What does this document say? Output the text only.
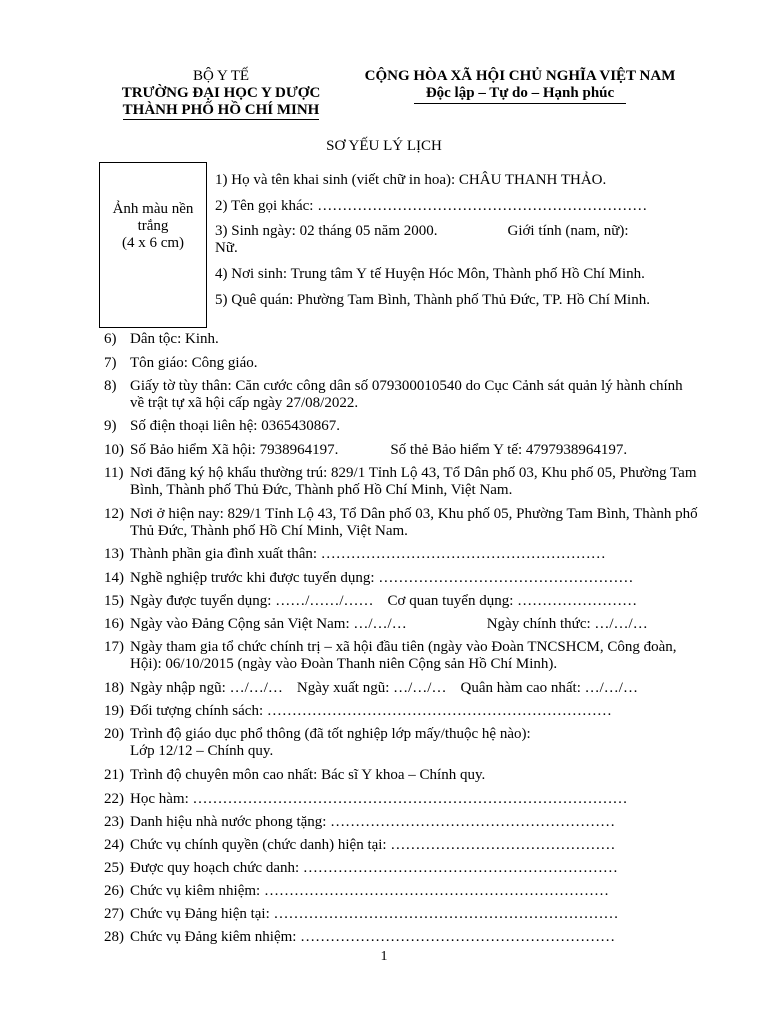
BỘ Y TẾ
TRƯỜNG ĐẠI HỌC Y DƯỢC
THÀNH PHỐ HỒ CHÍ MINH
CỘNG HÒA XÃ HỘI CHỦ NGHĨA VIỆT NAM
Độc lập – Tự do – Hạnh phúc
SƠ YẾU LÝ LỊCH
Ảnh màu nền trắng
(4 x 6 cm)
1) Họ và tên khai sinh (viết chữ in hoa): CHÂU THANH THẢO.
2) Tên gọi khác: …………………………………………………………
3) Sinh ngày: 02 tháng 05 năm 2000.	Giới tính (nam, nữ):
Nữ.
4) Nơi sinh: Trung tâm Y tế Huyện Hóc Môn, Thành phố Hồ Chí Minh.
5) Quê quán: Phường Tam Bình, Thành phố Thủ Đức, TP. Hồ Chí Minh.
6) Dân tộc: Kinh.
7) Tôn giáo: Công giáo.
8) Giấy tờ tùy thân: Căn cước công dân số 079300010540 do Cục Cảnh sát quản lý hành chính về trật tự xã hội cấp ngày 27/08/2022.
9) Số điện thoại liên hệ: 0365430867.
10) Số Bảo hiểm Xã hội: 7938964197.	Số thẻ Bảo hiểm Y tế: 4797938964197.
11) Nơi đăng ký hộ khẩu thường trú: 829/1 Tỉnh Lộ 43, Tổ Dân phố 03, Khu phố 05, Phường Tam Bình, Thành phố Thủ Đức, Thành phố Hồ Chí Minh, Việt Nam.
12) Nơi ở hiện nay: 829/1 Tỉnh Lộ 43, Tổ Dân phố 03, Khu phố 05, Phường Tam Bình, Thành phố Thủ Đức, Thành phố Hồ Chí Minh, Việt Nam.
13) Thành phần gia đình xuất thân: …………………………………………………
14) Nghề nghiệp trước khi được tuyển dụng: ……………………………………………
15) Ngày được tuyển dụng: ……/……/…… Cơ quan tuyển dụng: ……………………
16) Ngày vào Đảng Cộng sản Việt Nam: …/…/…	Ngày chính thức: …/…/…
17) Ngày tham gia tổ chức chính trị – xã hội đầu tiên (ngày vào Đoàn TNCSHCM, Công đoàn, Hội): 06/10/2015 (ngày vào Đoàn Thanh niên Cộng sản Hồ Chí Minh).
18) Ngày nhập ngũ: …/…/… Ngày xuất ngũ: …/…/… Quân hàm cao nhất: …/…/…
19) Đối tượng chính sách: ……………………………………………………………
20) Trình độ giáo dục phổ thông (đã tốt nghiệp lớp mấy/thuộc hệ nào):
Lớp 12/12 – Chính quy.
21) Trình độ chuyên môn cao nhất: Bác sĩ Y khoa – Chính quy.
22) Học hàm: ……………………………………………………………………………
23) Danh hiệu nhà nước phong tặng: …………………………………………………
24) Chức vụ chính quyền (chức danh) hiện tại: ………………………………………
25) Được quy hoạch chức danh: ………………………………………………………
26) Chức vụ kiêm nhiệm: ……………………………………………………………
27) Chức vụ Đảng hiện tại: ……………………………………………………………
28) Chức vụ Đảng kiêm nhiệm: ………………………………………………………
1
